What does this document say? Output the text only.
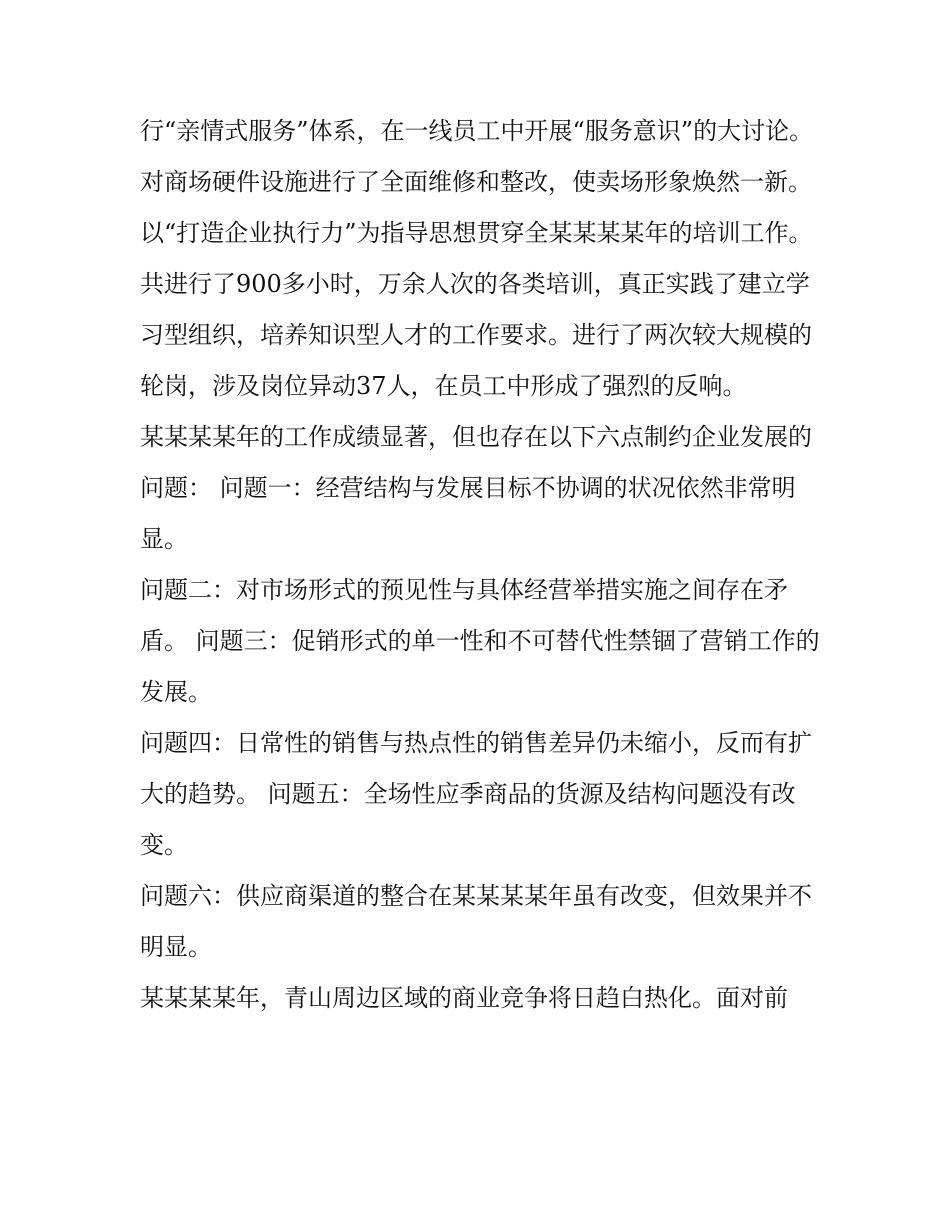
行“亲情式服务”体系，在一线员工中开展“服务意识”的大讨论。对商场硬件设施进行了全面维修和整改，使卖场形象焕然一新。

以“打造企业执行力”为指导思想贯穿全某某某某年的培训工作。共进行了900多小时，万余人次的各类培训，真正实践了建立学习型组织，培养知识型人才的工作要求。进行了两次较大规模的轮岗，涉及岗位异动37人，在员工中形成了强烈的反响。

某某某某年的工作成绩显著，但也存在以下六点制约企业发展的问题： 问题一：经营结构与发展目标不协调的状况依然非常明显。

问题二：对市场形式的预见性与具体经营举措实施之间存在矛盾。 问题三：促销形式的单一性和不可替代性禁锢了营销工作的发展。

问题四：日常性的销售与热点性的销售差异仍未缩小，反而有扩大的趋势。 问题五：全场性应季商品的货源及结构问题没有改变。

问题六：供应商渠道的整合在某某某某年虽有改变，但效果并不明显。

某某某某年，青山周边区域的商业竞争将日趋白热化。面对前
